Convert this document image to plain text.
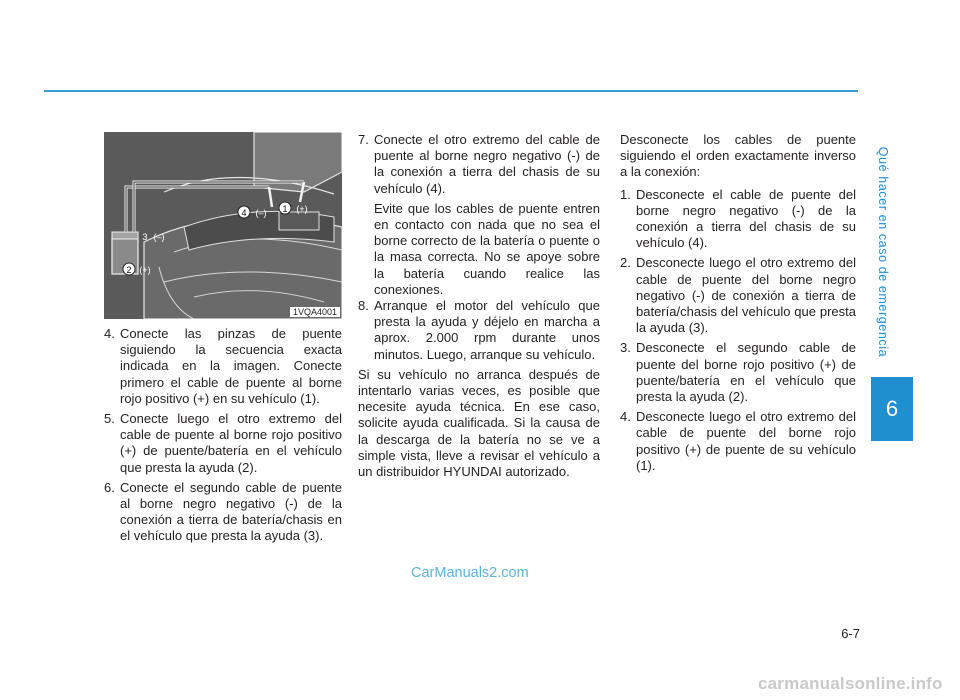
Qué hacer en caso de emergencia
6
1 (+)
4 (–)
3 (–)
2 (+)
1VQA4001
4. Conecte las pinzas de puente siguiendo la secuencia exacta indicada en la imagen. Conecte primero el cable de puente al borne rojo positivo (+) en su vehículo (1).
5. Conecte luego el otro extremo del cable de puente al borne rojo positivo (+) de puente/batería en el vehículo que presta la ayuda (2).
6. Conecte el segundo cable de puente al borne negro negativo (-) de la conexión a tierra de batería/chasis en el vehículo que presta la ayuda (3).
7. Conecte el otro extremo del cable de puente al borne negro negativo (-) de la conexión a tierra del chasis de su vehículo (4).

Evite que los cables de puente entren en contacto con nada que no sea el borne correcto de la batería o puente o la masa correcta. No se apoye sobre la batería cuando realice las conexiones.

8. Arranque el motor del vehículo que presta la ayuda y déjelo en marcha a aprox. 2.000 rpm durante unos minutos. Luego, arranque su vehículo.

Si su vehículo no arranca después de intentarlo varias veces, es posible que necesite ayuda técnica. En ese caso, solicite ayuda cualificada. Si la causa de la descarga de la batería no se ve a simple vista, lleve a revisar el vehículo a un distribuidor HYUNDAI autorizado.

Desconecte los cables de puente siguiendo el orden exactamente inverso a la conexión:

1. Desconecte el cable de puente del borne negro negativo (-) de la conexión a tierra del chasis de su vehículo (4).
2. Desconecte luego el otro extremo del cable de puente del borne negro negativo (-) de conexión a tierra de batería/chasis del vehículo que presta la ayuda (3).
3. Desconecte el segundo cable de puente del borne rojo positivo (+) de puente/batería en el vehículo que presta la ayuda (2).
4. Desconecte luego el otro extremo del cable de puente del borne rojo positivo (+) de puente de su vehículo (1).
CarManuals2.com
6-7
carmanualsonline.info
